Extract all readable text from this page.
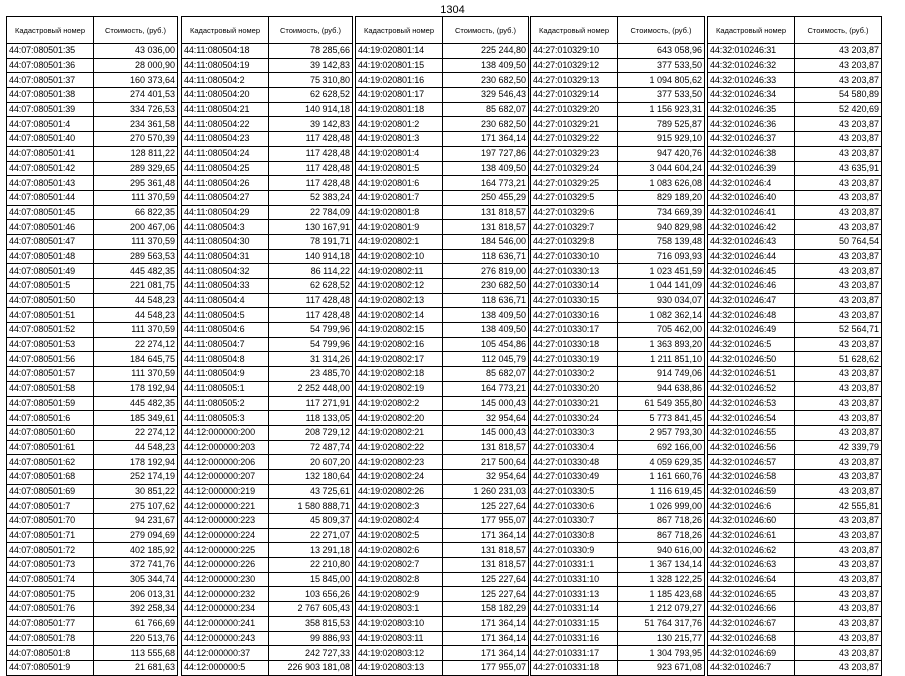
1304
Кадастровый номер	Стоимость, (руб.)
44:07:080501:35	43 036,00
44:07:080501:36	28 000,90
44:07:080501:37	160 373,64
44:07:080501:38	274 401,53
44:07:080501:39	334 726,53
44:07:080501:4	234 361,58
44:07:080501:40	270 570,39
44:07:080501:41	128 811,22
44:07:080501:42	289 329,65
44:07:080501:43	295 361,48
44:07:080501:44	111 370,59
44:07:080501:45	66 822,35
44:07:080501:46	200 467,06
44:07:080501:47	111 370,59
44:07:080501:48	289 563,53
44:07:080501:49	445 482,35
44:07:080501:5	221 081,75
44:07:080501:50	44 548,23
44:07:080501:51	44 548,23
44:07:080501:52	111 370,59
44:07:080501:53	22 274,12
44:07:080501:56	184 645,75
44:07:080501:57	111 370,59
44:07:080501:58	178 192,94
44:07:080501:59	445 482,35
44:07:080501:6	185 349,61
44:07:080501:60	22 274,12
44:07:080501:61	44 548,23
44:07:080501:62	178 192,94
44:07:080501:68	252 174,19
44:07:080501:69	30 851,22
44:07:080501:7	275 107,62
44:07:080501:70	94 231,67
44:07:080501:71	279 094,69
44:07:080501:72	402 185,92
44:07:080501:73	372 741,76
44:07:080501:74	305 344,74
44:07:080501:75	206 013,31
44:07:080501:76	392 258,34
44:07:080501:77	61 766,69
44:07:080501:78	220 513,76
44:07:080501:8	113 555,68
44:07:080501:9	21 681,63
Кадастровый номер	Стоимость, (руб.)
44:11:080504:18	78 285,66
44:11:080504:19	39 142,83
44:11:080504:2	75 310,80
44:11:080504:20	62 628,52
44:11:080504:21	140 914,18
44:11:080504:22	39 142,83
44:11:080504:23	117 428,48
44:11:080504:24	117 428,48
44:11:080504:25	117 428,48
44:11:080504:26	117 428,48
44:11:080504:27	52 383,24
44:11:080504:29	22 784,09
44:11:080504:3	130 167,91
44:11:080504:30	78 191,71
44:11:080504:31	140 914,18
44:11:080504:32	86 114,22
44:11:080504:33	62 628,52
44:11:080504:4	117 428,48
44:11:080504:5	117 428,48
44:11:080504:6	54 799,96
44:11:080504:7	54 799,96
44:11:080504:8	31 314,26
44:11:080504:9	23 485,70
44:11:080505:1	2 252 448,00
44:11:080505:2	117 271,91
44:11:080505:3	118 133,05
44:12:000000:200	208 729,12
44:12:000000:203	72 487,74
44:12:000000:206	20 607,20
44:12:000000:207	132 180,64
44:12:000000:219	43 725,61
44:12:000000:221	1 580 888,71
44:12:000000:223	45 809,37
44:12:000000:224	22 271,07
44:12:000000:225	13 291,18
44:12:000000:226	22 210,80
44:12:000000:230	15 845,00
44:12:000000:232	103 656,26
44:12:000000:234	2 767 605,43
44:12:000000:241	358 815,53
44:12:000000:243	99 886,93
44:12:000000:37	242 727,33
44:12:000000:5	226 903 181,08
Кадастровый номер	Стоимость, (руб.)
44:19:020801:14	225 244,80
44:19:020801:15	138 409,50
44:19:020801:16	230 682,50
44:19:020801:17	329 546,43
44:19:020801:18	85 682,07
44:19:020801:2	230 682,50
44:19:020801:3	171 364,14
44:19:020801:4	197 727,86
44:19:020801:5	138 409,50
44:19:020801:6	164 773,21
44:19:020801:7	250 455,29
44:19:020801:8	131 818,57
44:19:020801:9	131 818,57
44:19:020802:1	184 546,00
44:19:020802:10	118 636,71
44:19:020802:11	276 819,00
44:19:020802:12	230 682,50
44:19:020802:13	118 636,71
44:19:020802:14	138 409,50
44:19:020802:15	138 409,50
44:19:020802:16	105 454,86
44:19:020802:17	112 045,79
44:19:020802:18	85 682,07
44:19:020802:19	164 773,21
44:19:020802:2	145 000,43
44:19:020802:20	32 954,64
44:19:020802:21	145 000,43
44:19:020802:22	131 818,57
44:19:020802:23	217 500,64
44:19:020802:24	32 954,64
44:19:020802:26	1 260 231,03
44:19:020802:3	125 227,64
44:19:020802:4	177 955,07
44:19:020802:5	171 364,14
44:19:020802:6	131 818,57
44:19:020802:7	131 818,57
44:19:020802:8	125 227,64
44:19:020802:9	125 227,64
44:19:020803:1	158 182,29
44:19:020803:10	171 364,14
44:19:020803:11	171 364,14
44:19:020803:12	171 364,14
44:19:020803:13	177 955,07
Кадастровый номер	Стоимость, (руб.)
44:27:010329:10	643 058,96
44:27:010329:12	377 533,50
44:27:010329:13	1 094 805,62
44:27:010329:14	377 533,50
44:27:010329:20	1 156 923,31
44:27:010329:21	789 525,87
44:27:010329:22	915 929,10
44:27:010329:23	947 420,76
44:27:010329:24	3 044 604,24
44:27:010329:25	1 083 626,08
44:27:010329:5	829 189,20
44:27:010329:6	734 669,39
44:27:010329:7	940 829,98
44:27:010329:8	758 139,48
44:27:010330:10	716 093,93
44:27:010330:13	1 023 451,59
44:27:010330:14	1 044 141,09
44:27:010330:15	930 034,07
44:27:010330:16	1 082 362,14
44:27:010330:17	705 462,00
44:27:010330:18	1 363 893,20
44:27:010330:19	1 211 851,10
44:27:010330:2	914 749,06
44:27:010330:20	944 638,86
44:27:010330:21	61 549 355,80
44:27:010330:24	5 773 841,45
44:27:010330:3	2 957 793,30
44:27:010330:4	692 166,00
44:27:010330:48	4 059 629,35
44:27:010330:49	1 161 660,76
44:27:010330:5	1 116 619,45
44:27:010330:6	1 026 999,00
44:27:010330:7	867 718,26
44:27:010330:8	867 718,26
44:27:010330:9	940 616,00
44:27:010331:1	1 367 134,14
44:27:010331:10	1 328 122,25
44:27:010331:13	1 185 423,68
44:27:010331:14	1 212 079,27
44:27:010331:15	51 764 317,76
44:27:010331:16	130 215,77
44:27:010331:17	1 304 793,95
44:27:010331:18	923 671,08
Кадастровый номер	Стоимость, (руб.)
44:32:010246:31	43 203,87
44:32:010246:32	43 203,87
44:32:010246:33	43 203,87
44:32:010246:34	54 580,89
44:32:010246:35	52 420,69
44:32:010246:36	43 203,87
44:32:010246:37	43 203,87
44:32:010246:38	43 203,87
44:32:010246:39	43 635,91
44:32:010246:4	43 203,87
44:32:010246:40	43 203,87
44:32:010246:41	43 203,87
44:32:010246:42	43 203,87
44:32:010246:43	50 764,54
44:32:010246:44	43 203,87
44:32:010246:45	43 203,87
44:32:010246:46	43 203,87
44:32:010246:47	43 203,87
44:32:010246:48	43 203,87
44:32:010246:49	52 564,71
44:32:010246:5	43 203,87
44:32:010246:50	51 628,62
44:32:010246:51	43 203,87
44:32:010246:52	43 203,87
44:32:010246:53	43 203,87
44:32:010246:54	43 203,87
44:32:010246:55	43 203,87
44:32:010246:56	42 339,79
44:32:010246:57	43 203,87
44:32:010246:58	43 203,87
44:32:010246:59	43 203,87
44:32:010246:6	42 555,81
44:32:010246:60	43 203,87
44:32:010246:61	43 203,87
44:32:010246:62	43 203,87
44:32:010246:63	43 203,87
44:32:010246:64	43 203,87
44:32:010246:65	43 203,87
44:32:010246:66	43 203,87
44:32:010246:67	43 203,87
44:32:010246:68	43 203,87
44:32:010246:69	43 203,87
44:32:010246:7	43 203,87
